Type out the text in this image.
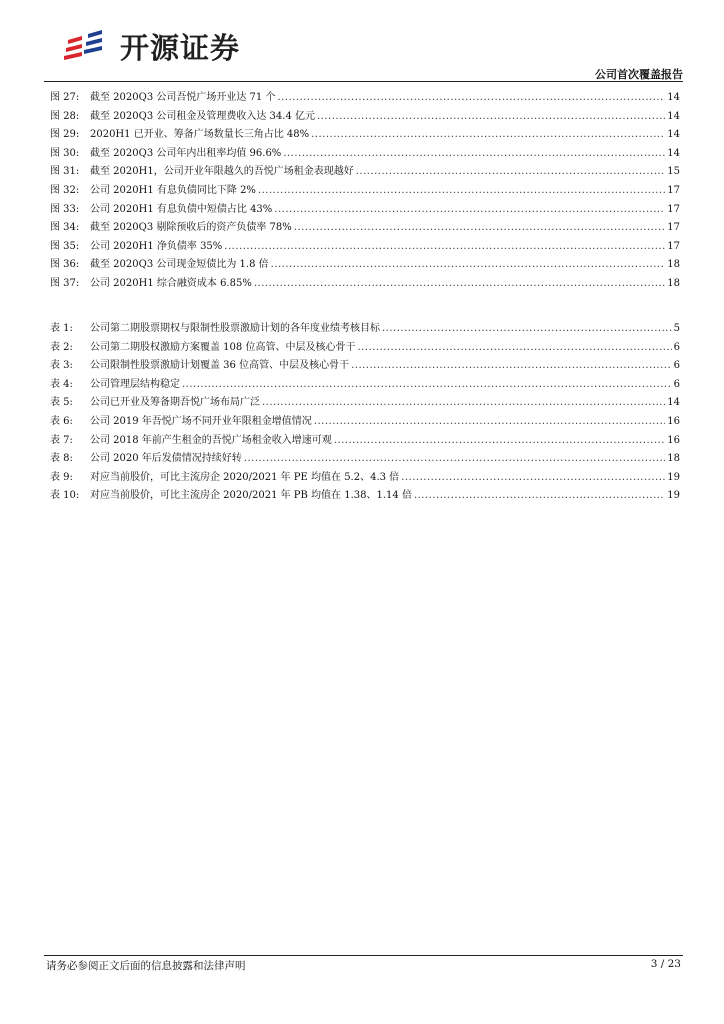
开源证券
公司首次覆盖报告
图 27:	截至 2020Q3 公司吾悦广场开业达 71 个 .....	14
图 28:	截至 2020Q3 公司租金及管理费收入达 34.4 亿元 .....	14
图 29:	2020H1 已开业、筹备广场数量长三角占比 48% .....	14
图 30:	截至 2020Q3 公司年内出租率均值 96.6% .....	14
图 31:	截至 2020H1，公司开业年限越久的吾悦广场租金表现越好 .....	15
图 32:	公司 2020H1 有息负债同比下降 2% .....	17
图 33:	公司 2020H1 有息负债中短债占比 43% .....	17
图 34:	截至 2020Q3 剔除预收后的资产负债率 78% .....	17
图 35:	公司 2020H1 净负债率 35% .....	17
图 36:	截至 2020Q3 公司现金短债比为 1.8 倍 .....	18
图 37:	公司 2020H1 综合融资成本 6.85% .....	18
表 1:	公司第二期股票期权与限制性股票激励计划的各年度业绩考核目标 .....	5
表 2:	公司第二期股权激励方案覆盖 108 位高管、中层及核心骨干 .....	6
表 3:	公司限制性股票激励计划覆盖 36 位高管、中层及核心骨干 .....	6
表 4:	公司管理层结构稳定 .....	6
表 5:	公司已开业及筹备期吾悦广场布局广泛 .....	14
表 6:	公司 2019 年吾悦广场不同开业年限租金增值情况 .....	16
表 7:	公司 2018 年前产生租金的吾悦广场租金收入增速可观 .....	16
表 8:	公司 2020 年后发债情况持续好转 .....	18
表 9:	对应当前股价，可比主流房企 2020/2021 年 PE 均值在 5.2、4.3 倍 .....	19
表 10:	对应当前股价，可比主流房企 2020/2021 年 PB 均值在 1.38、1.14 倍 .....	19
请务必参阅正文后面的信息披露和法律声明	3 / 23
